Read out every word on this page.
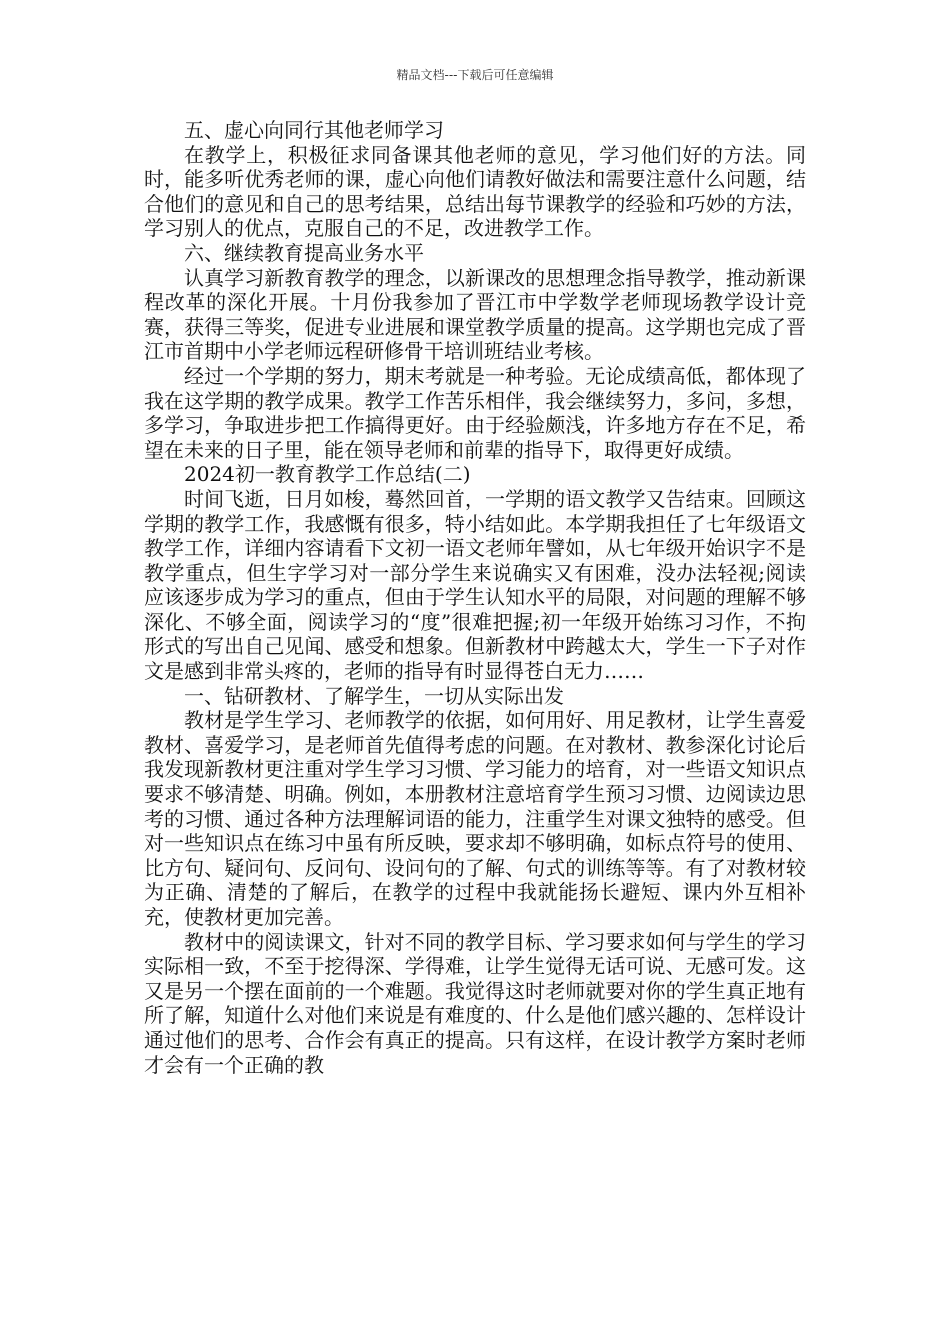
精品文档---下载后可任意编辑

五、虚心向同行其他老师学习

在教学上，积极征求同备课其他老师的意见，学习他们好的方法。同时，能多听优秀老师的课，虚心向他们请教好做法和需要注意什么问题，结合他们的意见和自己的思考结果，总结出每节课教学的经验和巧妙的方法，学习别人的优点，克服自己的不足，改进教学工作。

六、继续教育提高业务水平

认真学习新教育教学的理念，以新课改的思想理念指导教学，推动新课程改革的深化开展。十月份我参加了晋江市中学数学老师现场教学设计竞赛，获得三等奖，促进专业进展和课堂教学质量的提高。这学期也完成了晋江市首期中小学老师远程研修骨干培训班结业考核。

经过一个学期的努力，期末考就是一种考验。无论成绩高低，都体现了我在这学期的教学成果。教学工作苦乐相伴，我会继续努力，多问，多想，多学习，争取进步把工作搞得更好。由于经验颇浅，许多地方存在不足，希望在未来的日子里，能在领导老师和前辈的指导下，取得更好成绩。

2024初一教育教学工作总结(二)

时间飞逝，日月如梭，蓦然回首，一学期的语文教学又告结束。回顾这学期的教学工作，我感慨有很多，特小结如此。本学期我担任了七年级语文教学工作，详细内容请看下文初一语文老师年譬如，从七年级开始识字不是教学重点，但生字学习对一部分学生来说确实又有困难，没办法轻视;阅读应该逐步成为学习的重点，但由于学生认知水平的局限，对问题的理解不够深化、不够全面，阅读学习的“度”很难把握;初一年级开始练习习作，不拘形式的写出自己见闻、感受和想象。但新教材中跨越太大，学生一下子对作文是感到非常头疼的，老师的指导有时显得苍白无力……

一、钻研教材、了解学生，一切从实际出发

教材是学生学习、老师教学的依据，如何用好、用足教材，让学生喜爱教材、喜爱学习，是老师首先值得考虑的问题。在对教材、教参深化讨论后我发现新教材更注重对学生学习习惯、学习能力的培育，对一些语文知识点要求不够清楚、明确。例如，本册教材注意培育学生预习习惯、边阅读边思考的习惯、通过各种方法理解词语的能力，注重学生对课文独特的感受。但对一些知识点在练习中虽有所反映，要求却不够明确，如标点符号的使用、比方句、疑问句、反问句、设问句的了解、句式的训练等等。有了对教材较为正确、清楚的了解后，在教学的过程中我就能扬长避短、课内外互相补充，使教材更加完善。

教材中的阅读课文，针对不同的教学目标、学习要求如何与学生的学习实际相一致，不至于挖得深、学得难，让学生觉得无话可说、无感可发。这又是另一个摆在面前的一个难题。我觉得这时老师就要对你的学生真正地有所了解，知道什么对他们来说是有难度的、什么是他们感兴趣的、怎样设计通过他们的思考、合作会有真正的提高。只有这样，在设计教学方案时老师才会有一个正确的教
